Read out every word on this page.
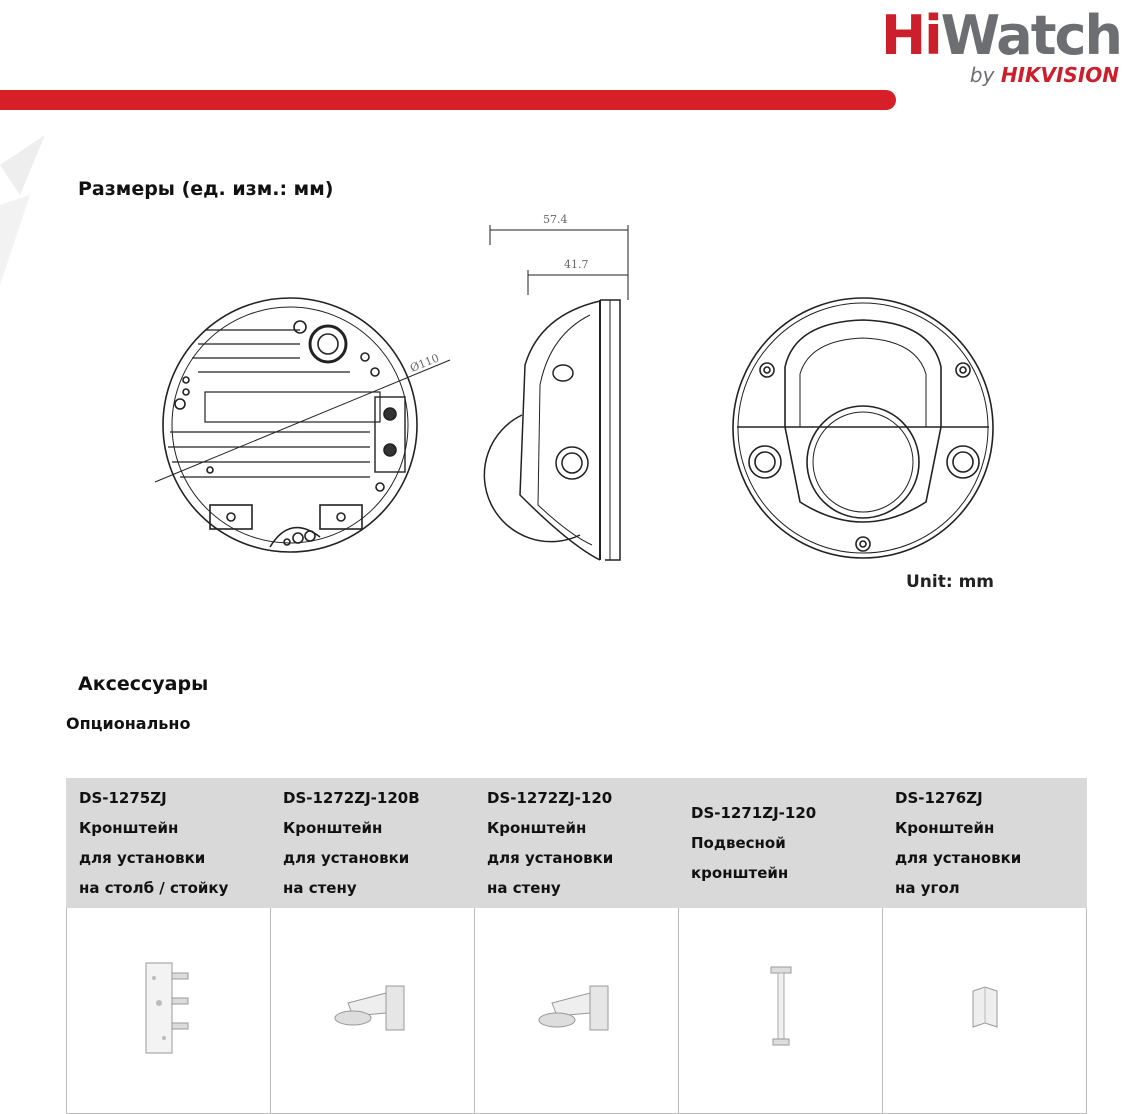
HiWatch
by HIKVISION
Размеры (ед. изм.: мм)
Ø110
57.4
41.7
Unit: mm
Аксессуары
Опционально
DS-1275ZJ
Кронштейн
для установки
на столб / стойку	DS-1272ZJ-120B
Кронштейн
для установки
на стену	DS-1272ZJ-120
Кронштейн
для установки
на стену	DS-1271ZJ-120
Подвесной
кронштейн	DS-1276ZJ
Кронштейн
для установки
на угол
